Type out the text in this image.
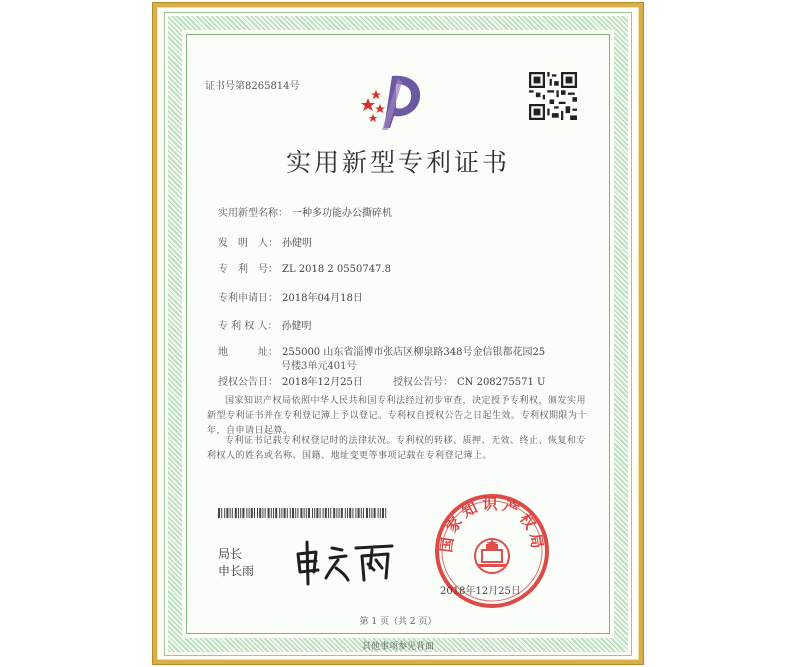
证书号第8265814号
实用新型专利证书
实用新型名称： 一种多功能办公撕碎机
发　明　人： 孙健明
专　利　号： ZL 2018 2 0550747.8
专利申请日： 2018年04月18日
专 利 权 人： 孙健明
地　　　址： 255000 山东省淄博市张店区柳泉路348号金信银都花园25
号楼3单元401号
授权公告日： 2018年12月25日	授权公告号： CN 208275571 U
国家知识产权局依照中华人民共和国专利法经过初步审查，决定授予专利权，颁发实用新型专利证书并在专利登记簿上予以登记。专利权自授权公告之日起生效。专利权期限为十年，自申请日起算。
专利证书记载专利权登记时的法律状况。专利权的转移、质押、无效、终止、恢复和专利权人的姓名或名称、国籍、地址变更等事项记载在专利登记簿上。
局长
申长雨
国家知识产权局
2018年12月25日
第 1 页（共 2 页）
其他事项参见背面
